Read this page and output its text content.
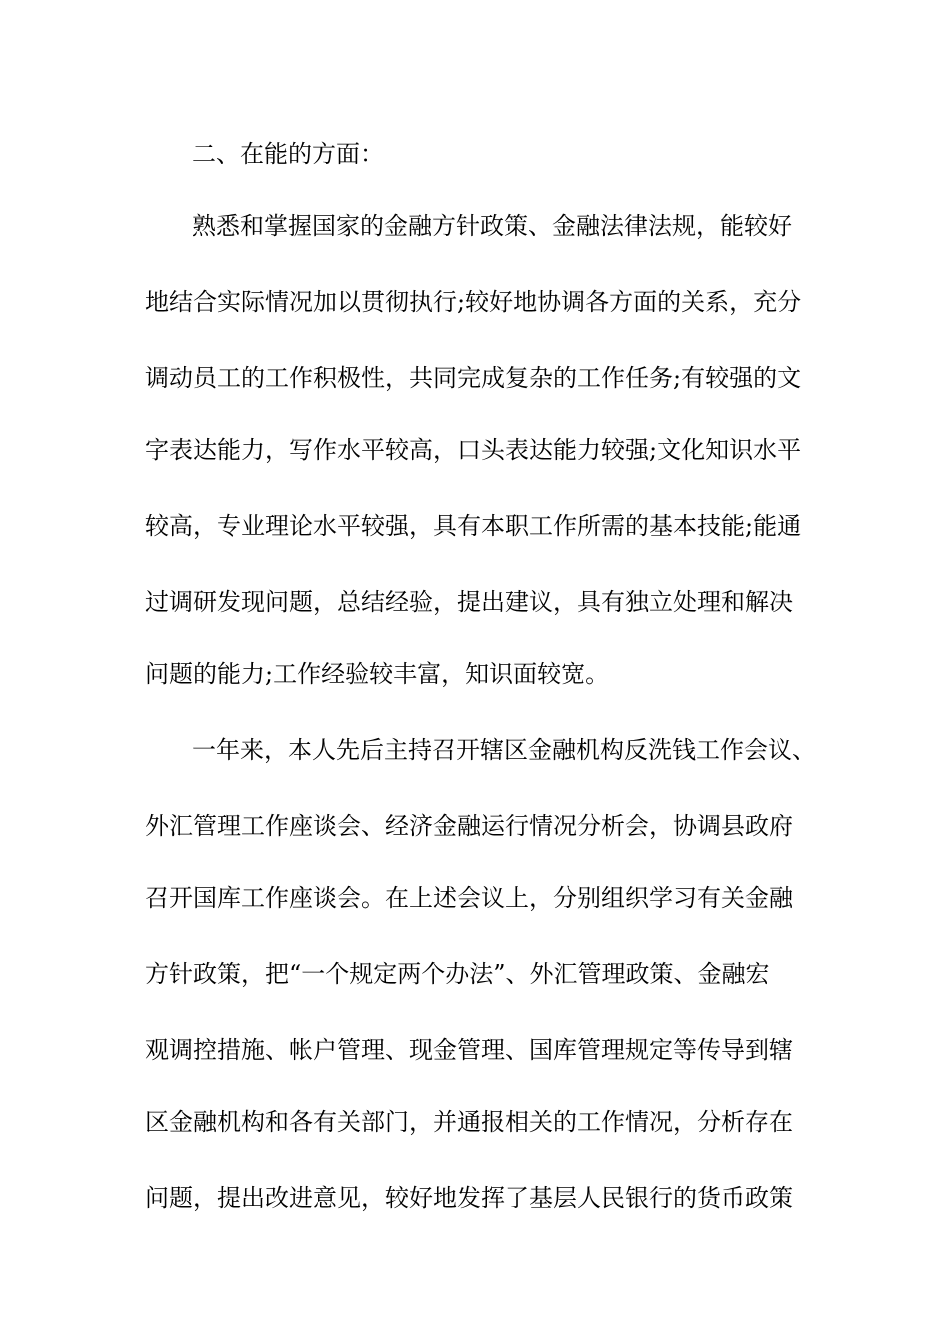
二、在能的方面：
熟悉和掌握国家的金融方针政策、金融法律法规，能较好
地结合实际情况加以贯彻执行;较好地协调各方面的关系，充分
调动员工的工作积极性，共同完成复杂的工作任务;有较强的文
字表达能力，写作水平较高，口头表达能力较强;文化知识水平
较高，专业理论水平较强，具有本职工作所需的基本技能;能通
过调研发现问题，总结经验，提出建议，具有独立处理和解决
问题的能力;工作经验较丰富，知识面较宽。
一年来，本人先后主持召开辖区金融机构反洗钱工作会议、
外汇管理工作座谈会、经济金融运行情况分析会，协调县政府
召开国库工作座谈会。在上述会议上，分别组织学习有关金融
方针政策，把“一个规定两个办法”、外汇管理政策、金融宏
观调控措施、帐户管理、现金管理、国库管理规定等传导到辖
区金融机构和各有关部门，并通报相关的工作情况，分析存在
问题，提出改进意见，较好地发挥了基层人民银行的货币政策
